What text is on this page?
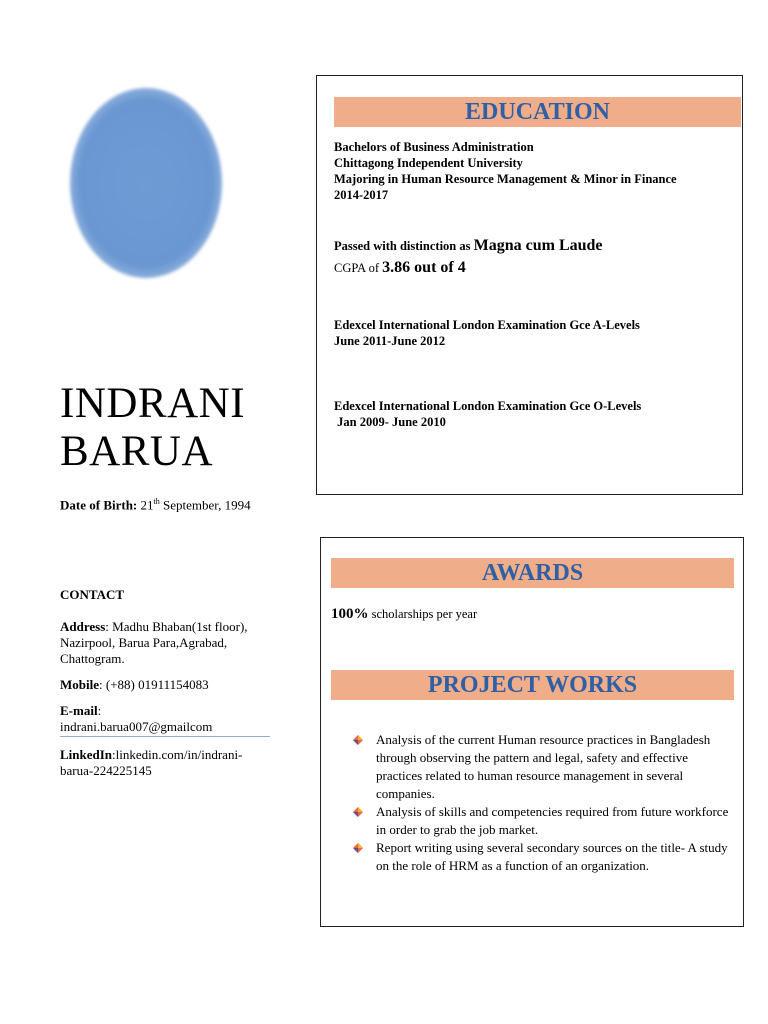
INDRANI
BARUA
Date of Birth: 21th September, 1994
CONTACT
Address: Madhu Bhaban(1st floor), Nazirpool, Barua Para,Agrabad, Chattogram.
Mobile: (+88) 01911154083
E-mail:
indrani.barua007@gmailcom
LinkedIn:linkedin.com/in/indrani-barua-224225145
EDUCATION
Bachelors of Business Administration
Chittagong Independent University
Majoring in Human Resource Management & Minor in Finance
2014-2017
Passed with distinction as Magna cum Laude
CGPA of 3.86 out of 4
Edexcel International London Examination Gce A-Levels
June 2011-June 2012
Edexcel International London Examination Gce O-Levels
Jan 2009- June 2010
AWARDS
100% scholarships per year
PROJECT WORKS
Analysis of the current Human resource practices in Bangladesh through observing the pattern and legal, safety and effective practices related to human resource management in several companies.
Analysis of skills and competencies required from future workforce in order to grab the job market.
Report writing using several secondary sources on the title- A study on the role of HRM as a function of an organization.
